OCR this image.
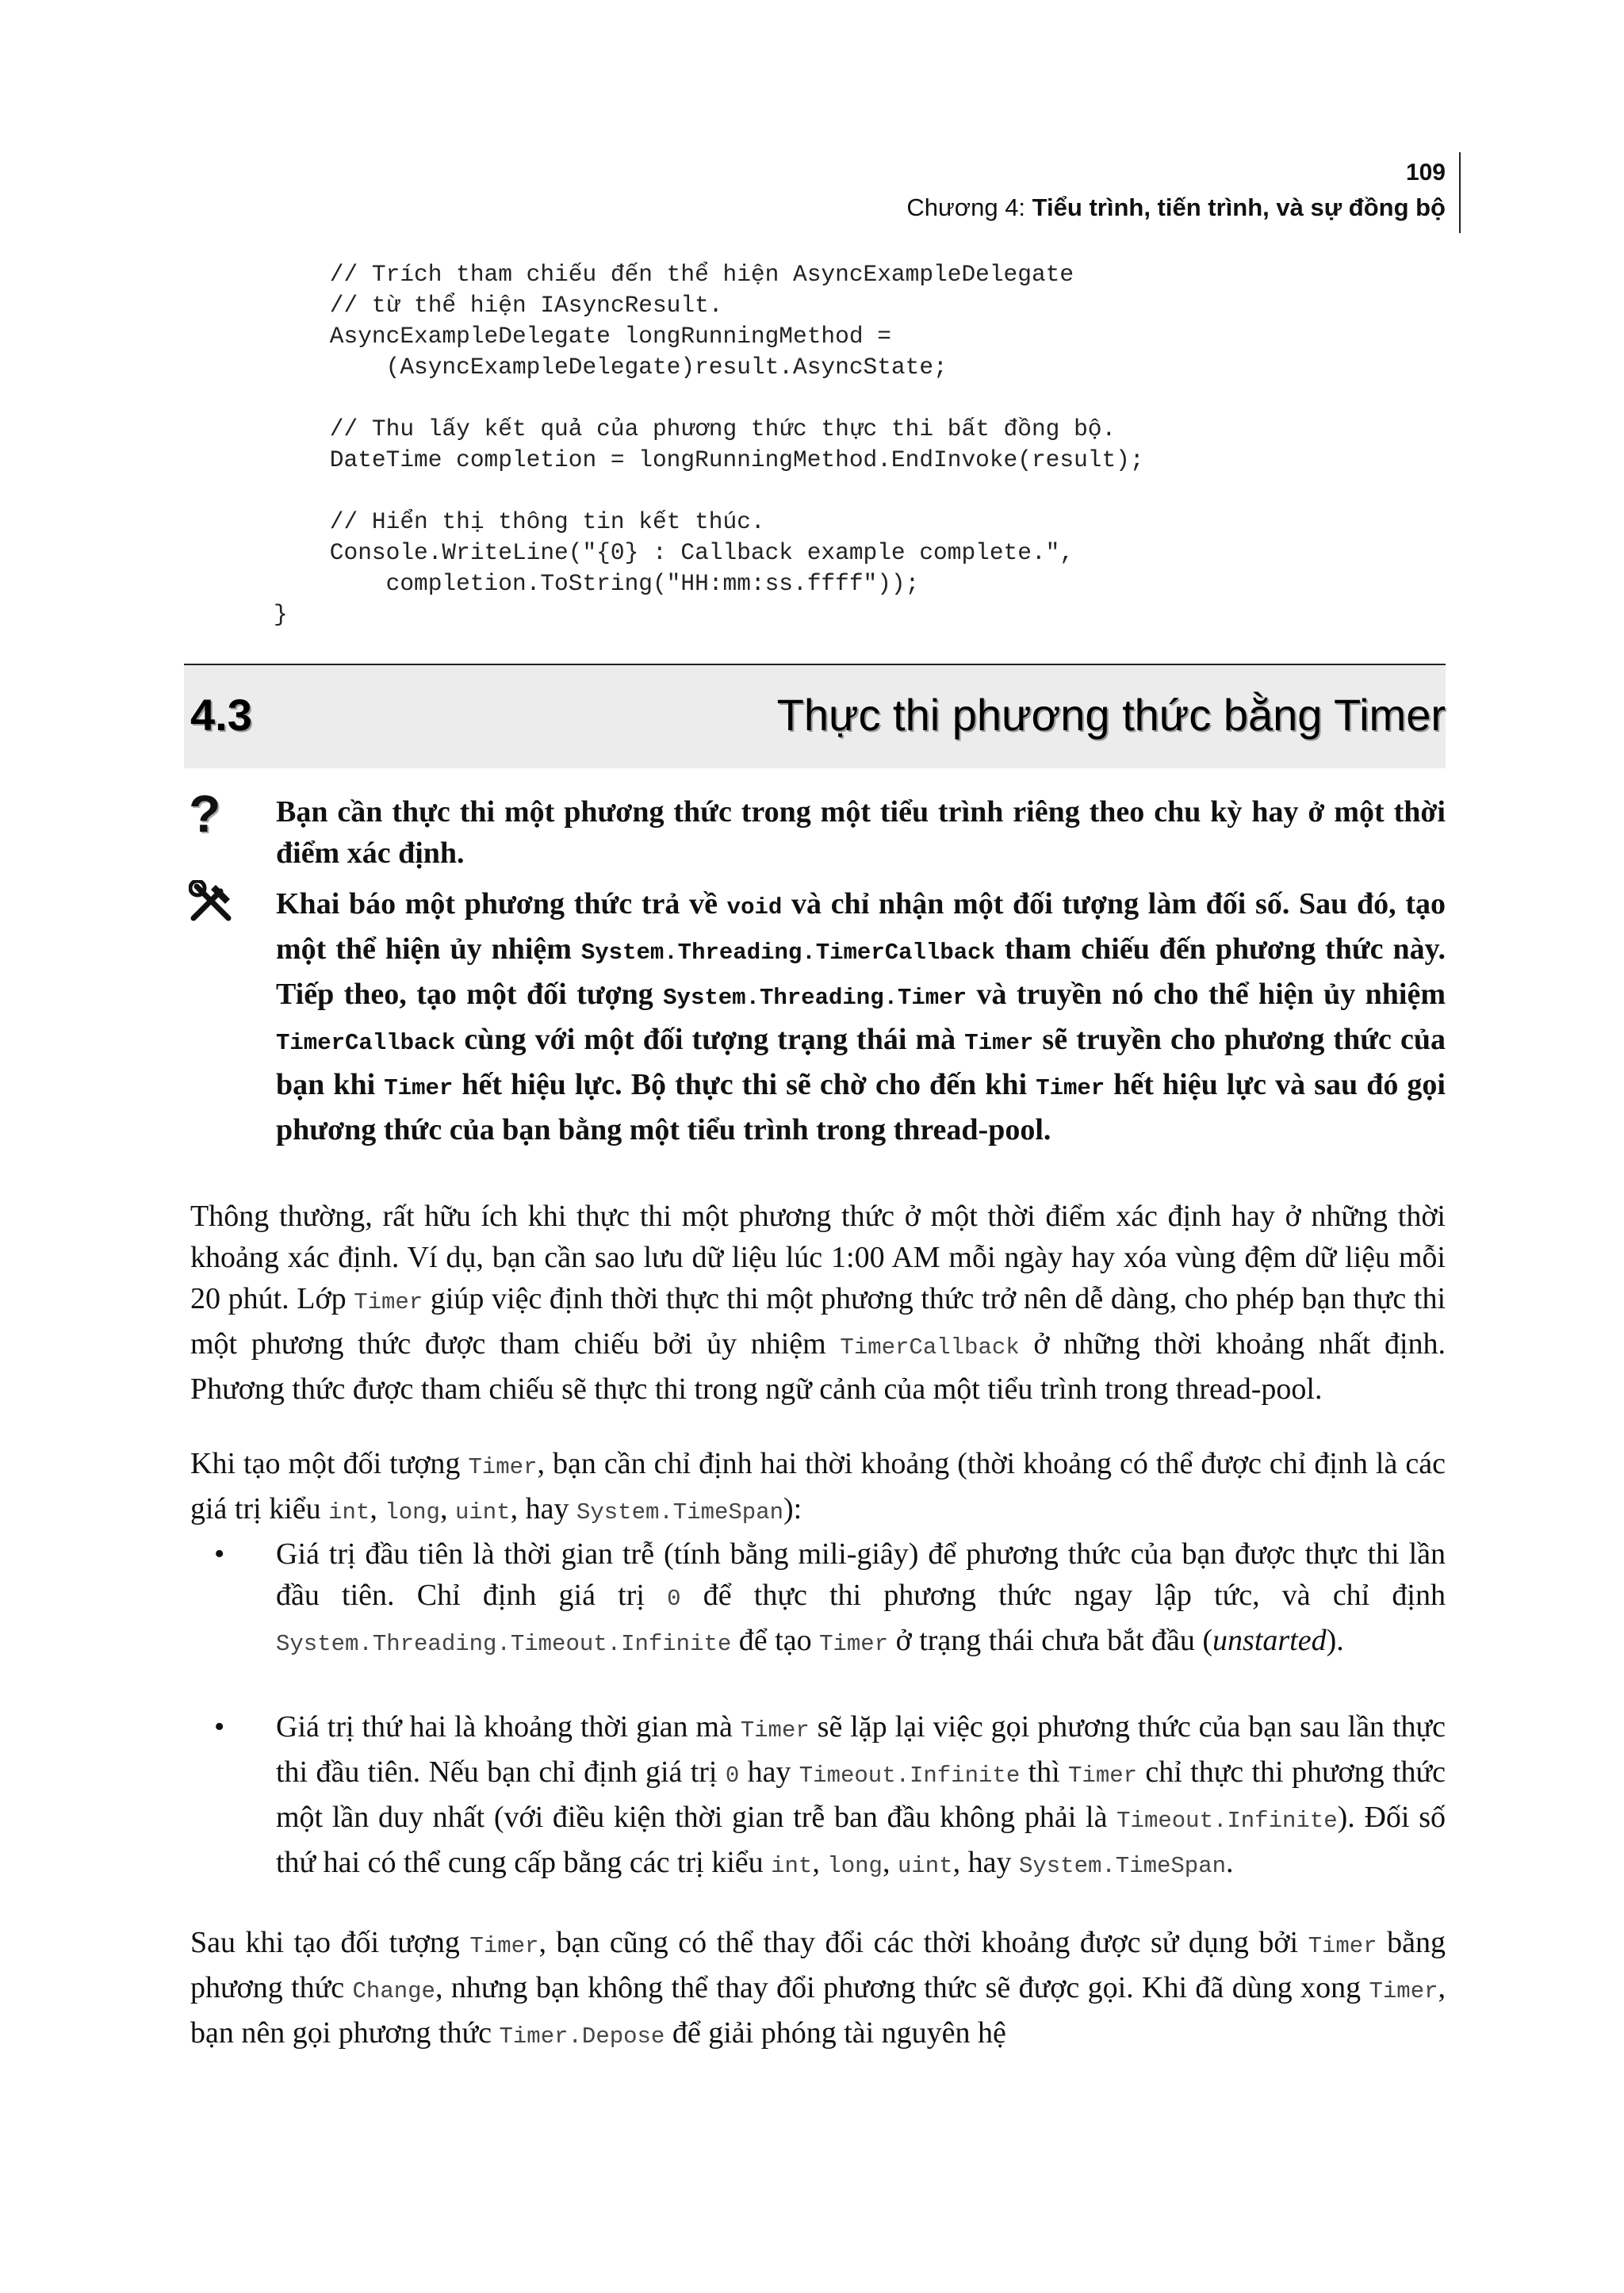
109
Chương 4: Tiểu trình, tiến trình, và sự đồng bộ
// Trích tham chiếu đến thể hiện AsyncExampleDelegate
// từ thể hiện IAsyncResult.
AsyncExampleDelegate longRunningMethod =
(AsyncExampleDelegate)result.AsyncState;

// Thu lấy kết quả của phương thức thực thi bất đồng bộ.
DateTime completion = longRunningMethod.EndInvoke(result);

// Hiển thị thông tin kết thúc.
Console.WriteLine("{0} : Callback example complete.",
completion.ToString("HH:mm:ss.ffff"));
}
4.3	Thực thi phương thức bằng Timer
?	Bạn cần thực thi một phương thức trong một tiểu trình riêng theo chu kỳ hay ở một thời điểm xác định.

Khai báo một phương thức trả về void và chỉ nhận một đối tượng làm đối số. Sau đó, tạo một thể hiện ủy nhiệm System.Threading.TimerCallback tham chiếu đến phương thức này. Tiếp theo, tạo một đối tượng System.Threading.Timer và truyền nó cho thể hiện ủy nhiệm TimerCallback cùng với một đối tượng trạng thái mà Timer sẽ truyền cho phương thức của bạn khi Timer hết hiệu lực. Bộ thực thi sẽ chờ cho đến khi Timer hết hiệu lực và sau đó gọi phương thức của bạn bằng một tiểu trình trong thread-pool.

Thông thường, rất hữu ích khi thực thi một phương thức ở một thời điểm xác định hay ở những thời khoảng xác định. Ví dụ, bạn cần sao lưu dữ liệu lúc 1:00 AM mỗi ngày hay xóa vùng đệm dữ liệu mỗi 20 phút. Lớp Timer giúp việc định thời thực thi một phương thức trở nên dễ dàng, cho phép bạn thực thi một phương thức được tham chiếu bởi ủy nhiệm TimerCallback ở những thời khoảng nhất định. Phương thức được tham chiếu sẽ thực thi trong ngữ cảnh của một tiểu trình trong thread-pool.

Khi tạo một đối tượng Timer, bạn cần chỉ định hai thời khoảng (thời khoảng có thể được chỉ định là các giá trị kiểu int, long, uint, hay System.TimeSpan):

• Giá trị đầu tiên là thời gian trễ (tính bằng mili-giây) để phương thức của bạn được thực thi lần đầu tiên. Chỉ định giá trị 0 để thực thi phương thức ngay lập tức, và chỉ định System.Threading.Timeout.Infinite để tạo Timer ở trạng thái chưa bắt đầu (unstarted).

• Giá trị thứ hai là khoảng thời gian mà Timer sẽ lặp lại việc gọi phương thức của bạn sau lần thực thi đầu tiên. Nếu bạn chỉ định giá trị 0 hay Timeout.Infinite thì Timer chỉ thực thi phương thức một lần duy nhất (với điều kiện thời gian trễ ban đầu không phải là Timeout.Infinite). Đối số thứ hai có thể cung cấp bằng các trị kiểu int, long, uint, hay System.TimeSpan.

Sau khi tạo đối tượng Timer, bạn cũng có thể thay đổi các thời khoảng được sử dụng bởi Timer bằng phương thức Change, nhưng bạn không thể thay đổi phương thức sẽ được gọi. Khi đã dùng xong Timer, bạn nên gọi phương thức Timer.Depose để giải phóng tài nguyên hệ
